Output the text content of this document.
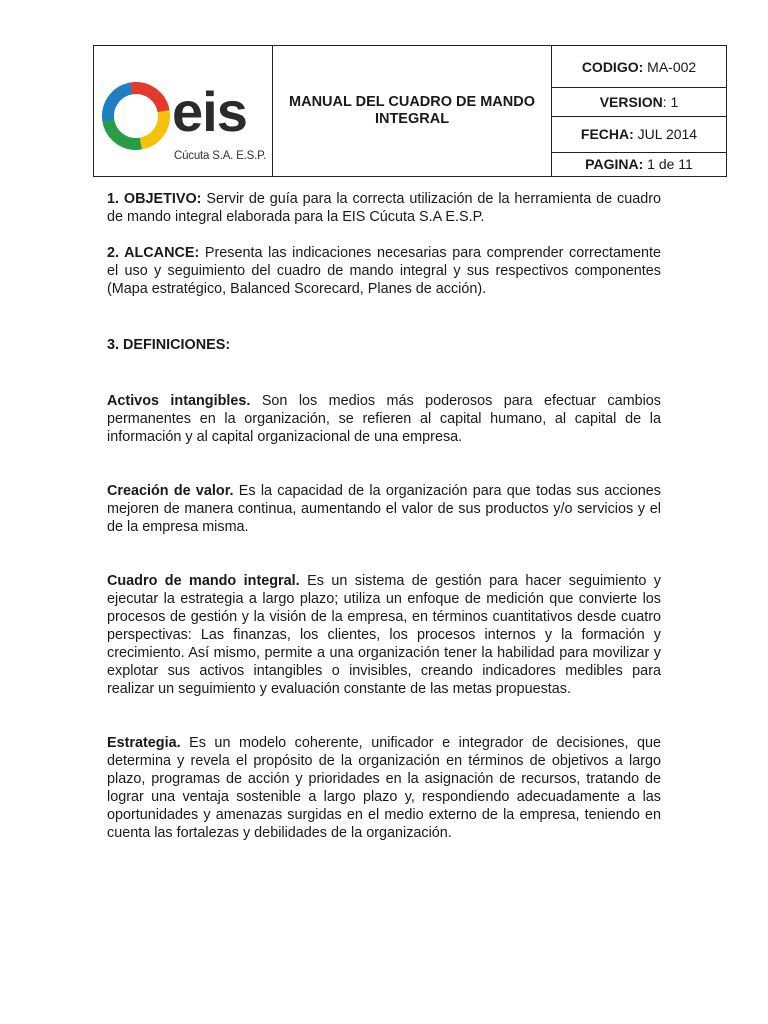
eis
Cúcuta S.A. E.S.P.
	MANUAL DEL CUADRO DE MANDO INTEGRAL	CODIGO: MA-002
VERSION: 1
FECHA: JUL 2014
PAGINA: 1 de 11

1. OBJETIVO: Servir de guía para la correcta utilización de la herramienta de cuadro de mando integral elaborada para la EIS Cúcuta S.A E.S.P.

2. ALCANCE: Presenta las indicaciones necesarias para comprender correctamente el uso y seguimiento del cuadro de mando integral y sus respectivos componentes (Mapa estratégico, Balanced Scorecard, Planes de acción).

3. DEFINICIONES:

Activos intangibles. Son los medios más poderosos para efectuar cambios permanentes en la organización, se refieren al capital humano, al capital de la información y al capital organizacional de una empresa.

Creación de valor. Es la capacidad de la organización para que todas sus acciones mejoren de manera continua, aumentando el valor de sus productos y/o servicios y el de la empresa misma.

Cuadro de mando integral. Es un sistema de gestión para hacer seguimiento y ejecutar la estrategia a largo plazo; utiliza un enfoque de medición que convierte los procesos de gestión y la visión de la empresa, en términos cuantitativos desde cuatro perspectivas: Las finanzas, los clientes, los procesos internos y la formación y crecimiento. Así mismo, permite a una organización tener la habilidad para movilizar y explotar sus activos intangibles o invisibles, creando indicadores medibles para realizar un seguimiento y evaluación constante de las metas propuestas.

Estrategia. Es un modelo coherente, unificador e integrador de decisiones, que determina y revela el propósito de la organización en términos de objetivos a largo plazo, programas de acción y prioridades en la asignación de recursos, tratando de lograr una ventaja sostenible a largo plazo y, respondiendo adecuadamente a las oportunidades y amenazas surgidas en el medio externo de la empresa, teniendo en cuenta las fortalezas y debilidades de la organización.
